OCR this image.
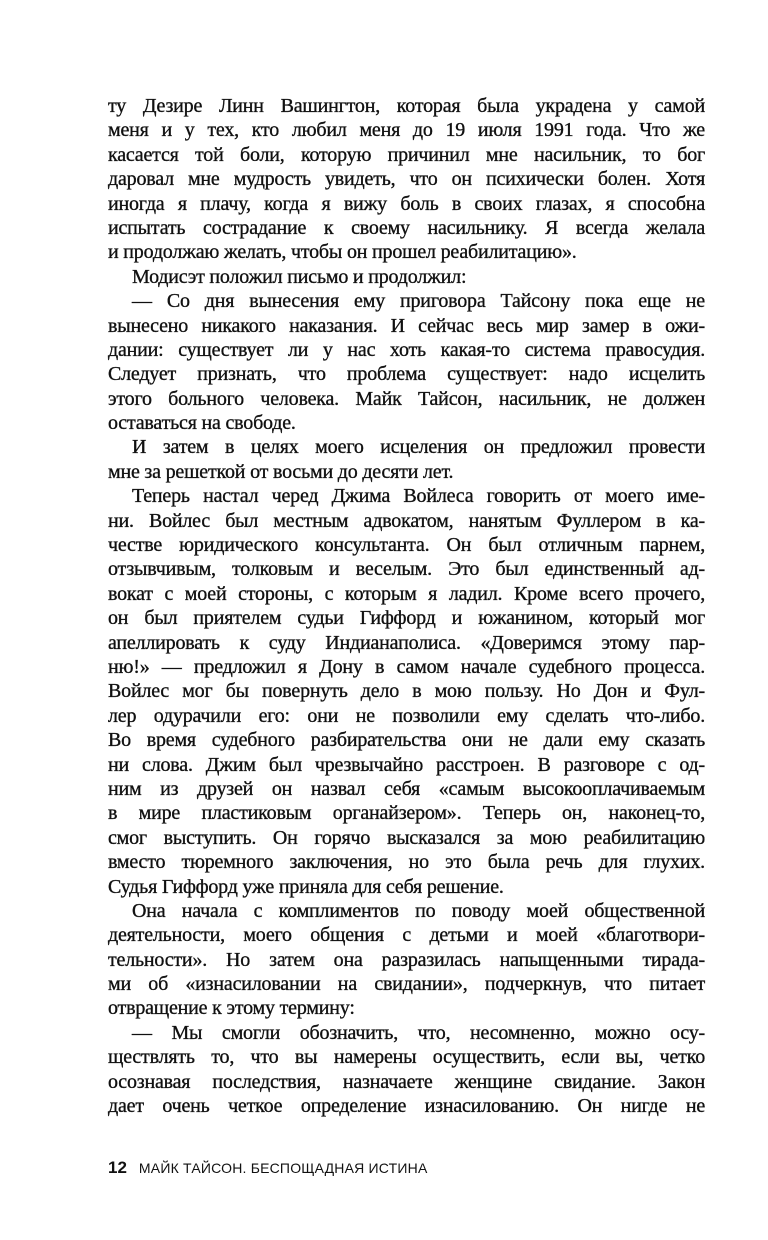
ту Дезире Линн Вашингтон, которая была украдена у самой
меня и у тех, кто любил меня до 19 июля 1991 года. Что же
касается той боли, которую причинил мне насильник, то бог
даровал мне мудрость увидеть, что он психически болен. Хотя
иногда я плачу, когда я вижу боль в своих глазах, я способна
испытать сострадание к своему насильнику. Я всегда желала
и продолжаю желать, чтобы он прошел реабилитацию».
Модисэт положил письмо и продолжил:
— Со дня вынесения ему приговора Тайсону пока еще не
вынесено никакого наказания. И сейчас весь мир замер в ожи-
дании: существует ли у нас хоть какая-то система правосудия.
Следует признать, что проблема существует: надо исцелить
этого больного человека. Майк Тайсон, насильник, не должен
оставаться на свободе.
И затем в целях моего исцеления он предложил провести
мне за решеткой от восьми до десяти лет.
Теперь настал черед Джима Войлеса говорить от моего име-
ни. Войлес был местным адвокатом, нанятым Фуллером в ка-
честве юридического консультанта. Он был отличным парнем,
отзывчивым, толковым и веселым. Это был единственный ад-
вокат с моей стороны, с которым я ладил. Кроме всего прочего,
он был приятелем судьи Гиффорд и южанином, который мог
апеллировать к суду Индианаполиса. «Доверимся этому пар-
ню!» — предложил я Дону в самом начале судебного процесса.
Войлес мог бы повернуть дело в мою пользу. Но Дон и Фул-
лер одурачили его: они не позволили ему сделать что-либо.
Во время судебного разбирательства они не дали ему сказать
ни слова. Джим был чрезвычайно расстроен. В разговоре с од-
ним из друзей он назвал себя «самым высокооплачиваемым
в мире пластиковым органайзером». Теперь он, наконец-то,
смог выступить. Он горячо высказался за мою реабилитацию
вместо тюремного заключения, но это была речь для глухих.
Судья Гиффорд уже приняла для себя решение.
Она начала с комплиментов по поводу моей общественной
деятельности, моего общения с детьми и моей «благотвори-
тельности». Но затем она разразилась напыщенными тирада-
ми об «изнасиловании на свидании», подчеркнув, что питает
отвращение к этому термину:
— Мы смогли обозначить, что, несомненно, можно осу-
ществлять то, что вы намерены осуществить, если вы, четко
осознавая последствия, назначаете женщине свидание. Закон
дает очень четкое определение изнасилованию. Он нигде не
12 МАЙК ТАЙСОН. БЕСПОЩАДНАЯ ИСТИНА
